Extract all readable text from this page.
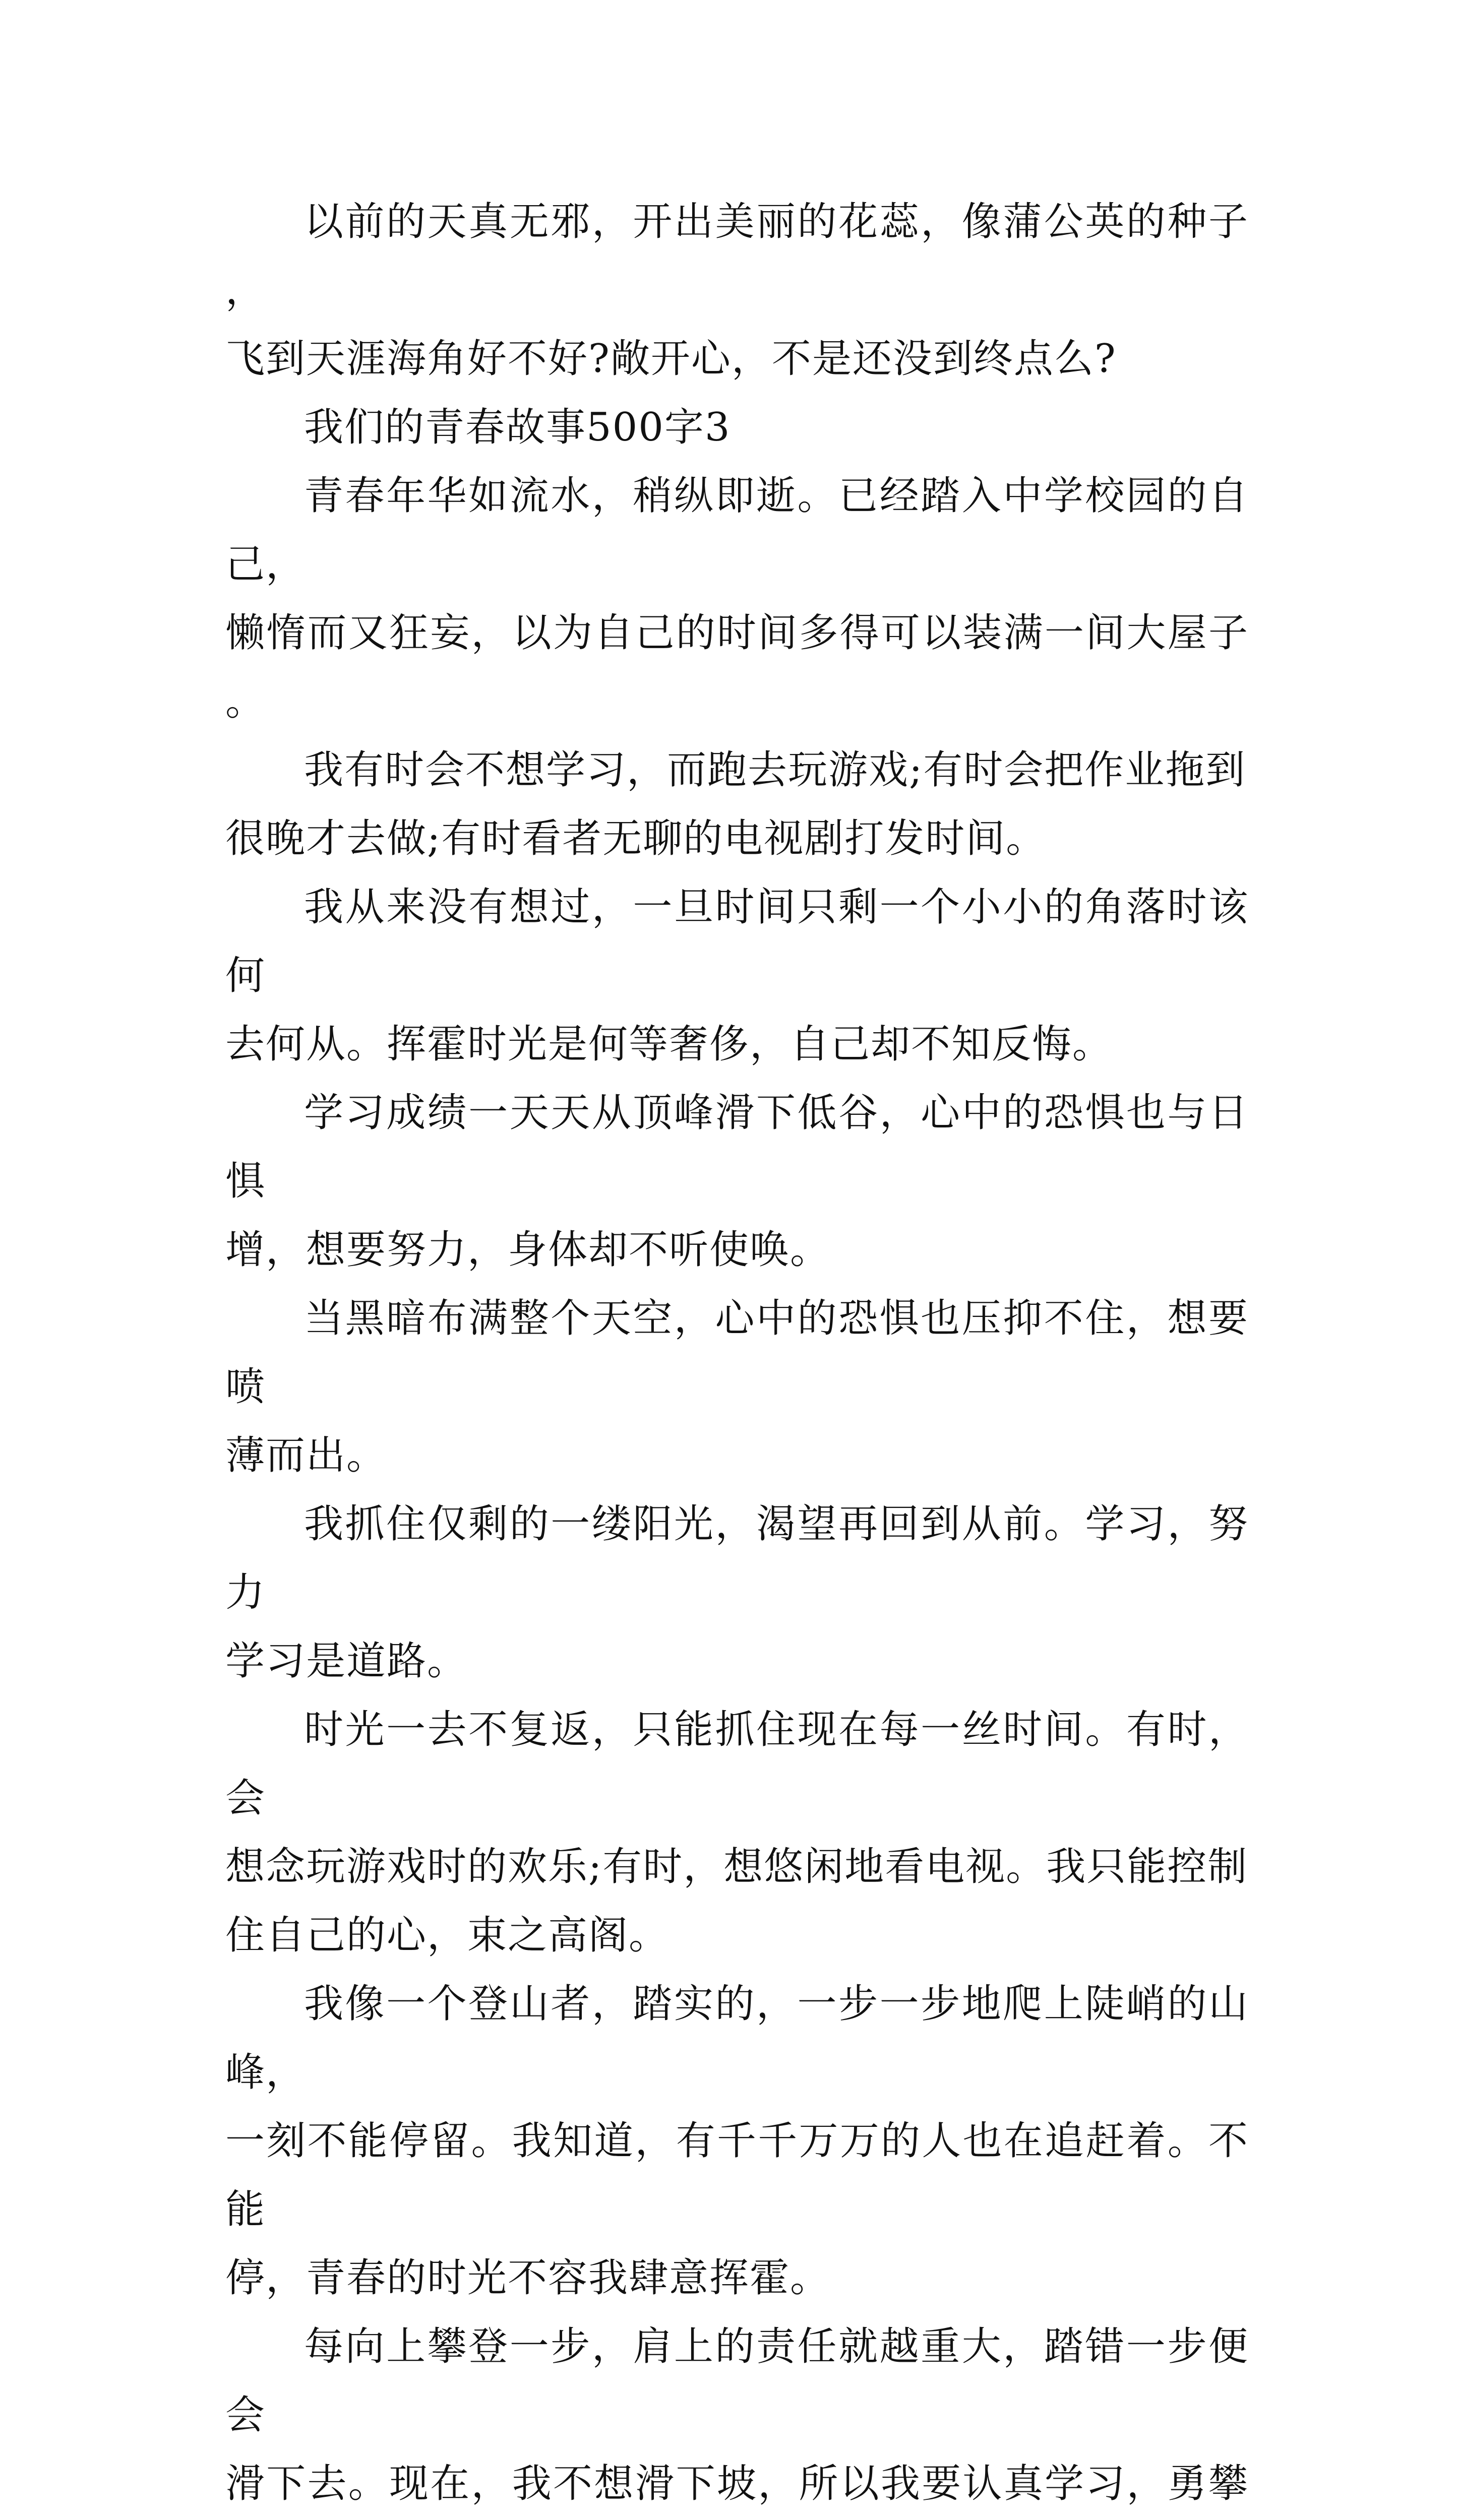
以前的天真无邪，开出美丽的花蕊，像蒲公英的种子，
飞到天涯海角好不好?敞开心，不是还没到终点么?

我们的青春故事500字3

青春年华如流水，稍纵即逝。已经踏入中学校园的自己，
懒惰而又狂妄，以为自己的时间多得可以装满一间大屋子。

我有时会不想学习，而跑去玩游戏;有时会把作业拖到
很晚才去做;有时看者无聊的电视剧打发时间。

我从来没有想过，一旦时间只剩一个小小的角落时该何
去何从。挥霍时光是何等奢侈，自己却不知反悔。

学习成绩一天天从顶峰滑下低谷，心中的恐惧也与日惧
增，想要努力，身体却不听使唤。

当黑暗布满整个天空，心中的恐惧也压抑不住，想要喷
薄而出。

我抓住仅剩的一缕阳光，渴望再回到从前。学习，努力
学习是道路。

时光一去不复返，只能抓住现在每一丝时间。有时，会
想念玩游戏时的欢乐;有时，想悠闲地看电视。我只能控制
住自己的心，束之高阁。

我像一个登山者，踏实的，一步一步地爬上陡峭的山峰，
一刻不能停留。我知道，有千千万万的人也在追赶着。不能
停，青春的时光不容我肆意挥霍。

每向上攀登一步，肩上的责任就越重大，踏错一步便会
滑下去。现在，我不想滑下坡，所以我要认真学习，勇攀
